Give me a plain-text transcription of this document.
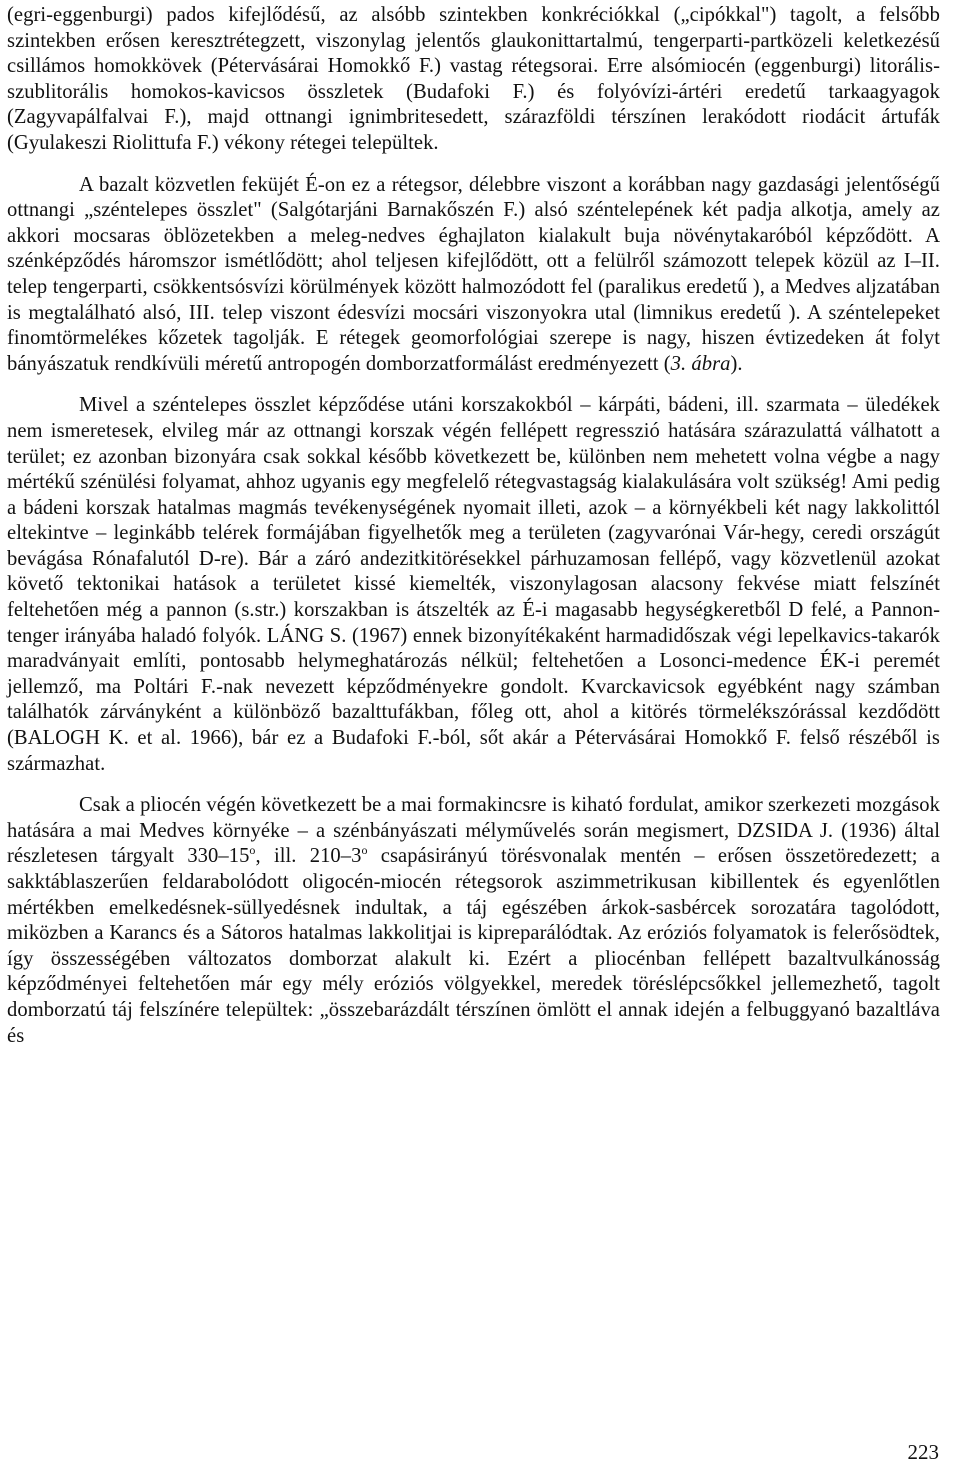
(egri-eggenburgi) pados kifejlődésű, az alsóbb szintekben konkréciókkal („cipókkal") tagolt, a felsőbb szintekben erősen keresztrétegzett, viszonylag jelentős glaukonittartalmú, tengerparti-partközeli keletkezésű csillámos homokkövek (Pétervásárai Homokkő F.) vastag rétegsorai. Erre alsómiocén (eggenburgi) litorális-szublitorális homokos-kavicsos összletek (Budafoki F.) és folyóvízi-ártéri eredetű tarkaagyagok (Zagyvapálfalvai F.), majd ottnangi ignimbritesedett, szárazföldi térszínen lerakódott riodácit ártufák (Gyulakeszi Riolittufa F.) vékony rétegei települtek.

A bazalt közvetlen feküjét É-on ez a rétegsor, délebbre viszont a korábban nagy gazdasági jelentőségű ottnangi „széntelepes összlet" (Salgótarjáni Barnakőszén F.) alsó széntelepének két padja alkotja, amely az akkori mocsaras öblözetekben a meleg-nedves éghajlaton kialakult buja növénytakaróból képződött. A szénképződés háromszor ismétlődött; ahol teljesen kifejlődött, ott a felülről számozott telepek közül az I–II. telep tengerparti, csökkentsósvízi körülmények között halmozódott fel (paralikus eredetű ), a Medves aljzatában is megtalálható alsó, III. telep viszont édesvízi mocsári viszonyokra utal (limnikus eredetű ). A széntelepeket finomtörmelékes kőzetek tagolják. E rétegek geomorfológiai szerepe is nagy, hiszen évtizedeken át folyt bányászatuk rendkívüli méretű antropogén domborzatformálást eredményezett (3. ábra).

Mivel a széntelepes összlet képződése utáni korszakokból – kárpáti, bádeni, ill. szarmata – üledékek nem ismeretesek, elvileg már az ottnangi korszak végén fellépett regresszió hatására szárazulattá válhatott a terület; ez azonban bizonyára csak sokkal később következett be, különben nem mehetett volna végbe a nagy mértékű szénülési folyamat, ahhoz ugyanis egy megfelelő rétegvastagság kialakulására volt szükség! Ami pedig a bádeni korszak hatalmas magmás tevékenységének nyomait illeti, azok – a környékbeli két nagy lakkolittól eltekintve – leginkább telérek formájában figyelhetők meg a területen (zagyvarónai Vár-hegy, ceredi országút bevágása Rónafalutól D-re). Bár a záró andezitkitörésekkel párhuzamosan fellépő, vagy közvetlenül azokat követő tektonikai hatások a területet kissé kiemelték, viszonylagosan alacsony fekvése miatt felszínét feltehetően még a pannon (s.str.) korszakban is átszelték az É-i magasabb hegységkeretből D felé, a Pannon-tenger irányába haladó folyók. LÁNG S. (1967) ennek bizonyítékaként harmadidőszak végi lepelkavics-takarók maradványait említi, pontosabb helymeghatározás nélkül; feltehetően a Losonci-medence ÉK-i peremét jellemző, ma Poltári F.-nak nevezett képződményekre gondolt. Kvarckavicsok egyébként nagy számban találhatók zárványként a különböző bazalttufákban, főleg ott, ahol a kitörés törmelékszórással kezdődött (BALOGH K. et al. 1966), bár ez a Budafoki F.-ból, sőt akár a Pétervásárai Homokkő F. felső részéből is származhat.

Csak a pliocén végén következett be a mai formakincsre is kiható fordulat, amikor szerkezeti mozgások hatására a mai Medves környéke – a szénbányászati mélyművelés során megismert, DZSIDA J. (1936) által részletesen tárgyalt 330–15$^o$, ill. 210–3$^o$ csapásirányú törésvonalak mentén – erősen összetöredezett; a sakktáblaszerűen feldarabolódott oligocén-miocén rétegsorok aszimmetrikusan kibillentek és egyenlőtlen mértékben emelkedésnek-süllyedésnek indultak, a táj egészében árkok-sasbércek sorozatára tagolódott, miközben a Karancs és a Sátoros hatalmas lakkolitjai is kipreparálódtak. Az eróziós folyamatok is felerősödtek, így összességében változatos domborzat alakult ki. Ezért a pliocénban fellépett bazaltvulkánosság képződményei feltehetően már egy mély eróziós völgyekkel, meredek töréslépcsőkkel jellemezhető, tagolt domborzatú táj felszínére települtek: „összebarázdált térszínen ömlött el annak idején a felbuggyanó bazaltláva és

223
